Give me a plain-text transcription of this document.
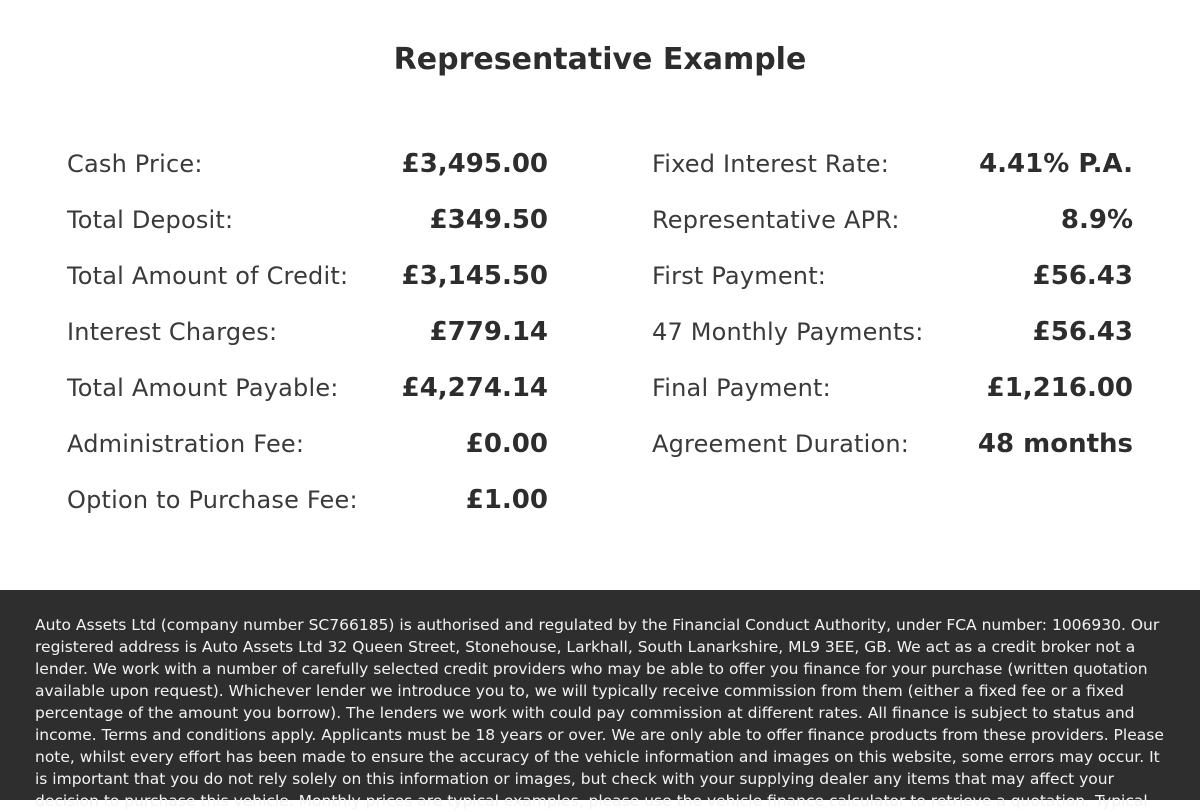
Representative Example
Cash Price:	£3,495.00
Total Deposit:	£349.50
Total Amount of Credit: £3,145.50
Interest Charges:	£779.14
Total Amount Payable: £4,274.14
Administration Fee:	£0.00
Option to Purchase Fee:	£1.00
Fixed Interest Rate:	4.41% P.A.
Representative APR:	8.9%
First Payment:	£56.43
47 Monthly Payments:	£56.43
Final Payment:	£1,216.00
Agreement Duration:	48 months

Auto Assets Ltd (company number SC766185) is authorised and regulated by the Financial Conduct Authority, under FCA number: 1006930. Our registered address is Auto Assets Ltd 32 Queen Street, Stonehouse, Larkhall, South Lanarkshire, ML9 3EE, GB. We act as a credit broker not a lender. We work with a number of carefully selected credit providers who may be able to offer you finance for your purchase (written quotation available upon request). Whichever lender we introduce you to, we will typically receive commission from them (either a fixed fee or a fixed percentage of the amount you borrow). The lenders we work with could pay commission at different rates. All finance is subject to status and income. Terms and conditions apply. Applicants must be 18 years or over. We are only able to offer finance products from these providers. Please note, whilst every effort has been made to ensure the accuracy of the vehicle information and images on this website, some errors may occur. It is important that you do not rely solely on this information or images, but check with your supplying dealer any items that may affect your decision to purchase this vehicle. Monthly prices are typical examples, please use the vehicle finance calculator to retrieve a quotation. Typical
